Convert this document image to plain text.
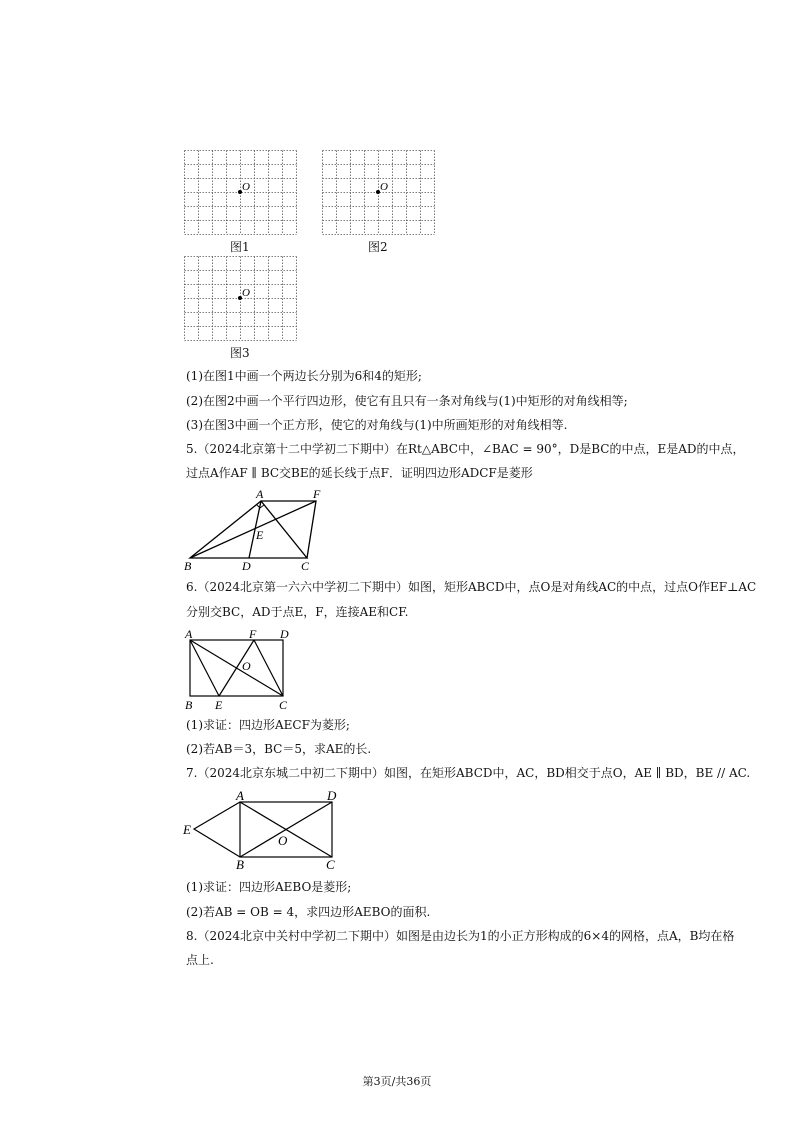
O
图1
O
图2
O
图3
(1)在图1中画一个两边长分别为6和4的矩形;
(2)在图2中画一个平行四边形，使它有且只有一条对角线与(1)中矩形的对角线相等;
(3)在图3中画一个正方形，使它的对角线与(1)中所画矩形的对角线相等.
5.（2024北京第十二中学初二下期中）在Rt△ABC中，∠BAC = 90°，D是BC的中点，E是AD的中点，
过点A作AF ∥ BC交BE的延长线于点F．证明四边形ADCF是菱形
A	F
E
B	D	C
6.（2024北京第一六六中学初二下期中）如图，矩形ABCD中，点O是对角线AC的中点，过点O作EF⊥AC
分别交BC，AD于点E，F，连接AE和CF.
A	F D
O
B E	C
(1)求证：四边形AECF为菱形;
(2)若AB＝3，BC＝5，求AE的长.
7.（2024北京东城二中初二下期中）如图，在矩形ABCD中，AC，BD相交于点O，AE ∥ BD，BE // AC.
A	D
E
O
B	C
(1)求证：四边形AEBO是菱形;
(2)若AB = OB = 4，求四边形AEBO的面积.
8.（2024北京中关村中学初二下期中）如图是由边长为1的小正方形构成的6×4的网格，点A，B均在格
点上.
第3页/共36页
